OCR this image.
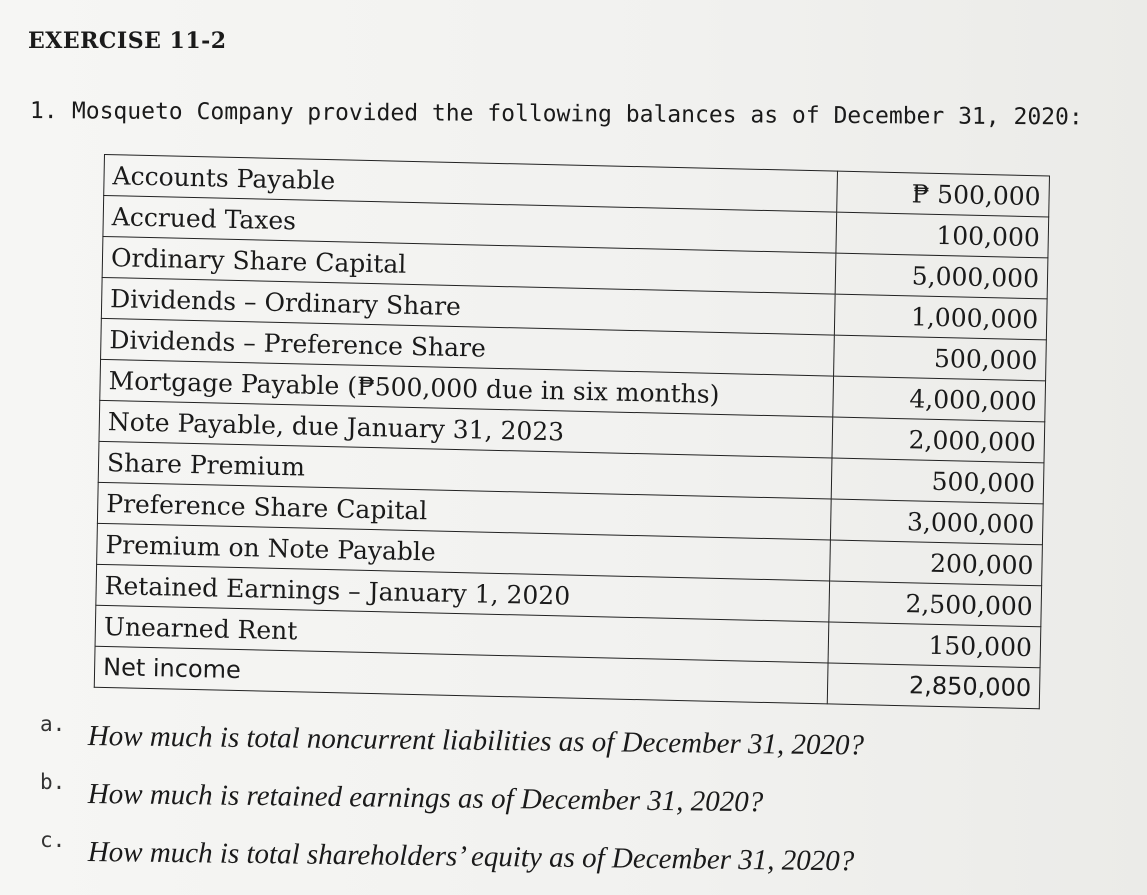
EXERCISE 11-2
1. Mosqueto Company provided the following balances as of December 31, 2020:
Accounts Payable	₱ 500,000
Accrued Taxes	100,000
Ordinary Share Capital	5,000,000
Dividends – Ordinary Share	1,000,000
Dividends – Preference Share	500,000
Mortgage Payable (₱500,000 due in six months)	4,000,000
Note Payable, due January 31, 2023	2,000,000
Share Premium	500,000
Preference Share Capital	3,000,000
Premium on Note Payable	200,000
Retained Earnings – January 1, 2020	2,500,000
Unearned Rent	150,000
Net income	2,850,000
a. How much is total noncurrent liabilities as of December 31, 2020?
b. How much is retained earnings as of December 31, 2020?
c. How much is total shareholders’ equity as of December 31, 2020?
